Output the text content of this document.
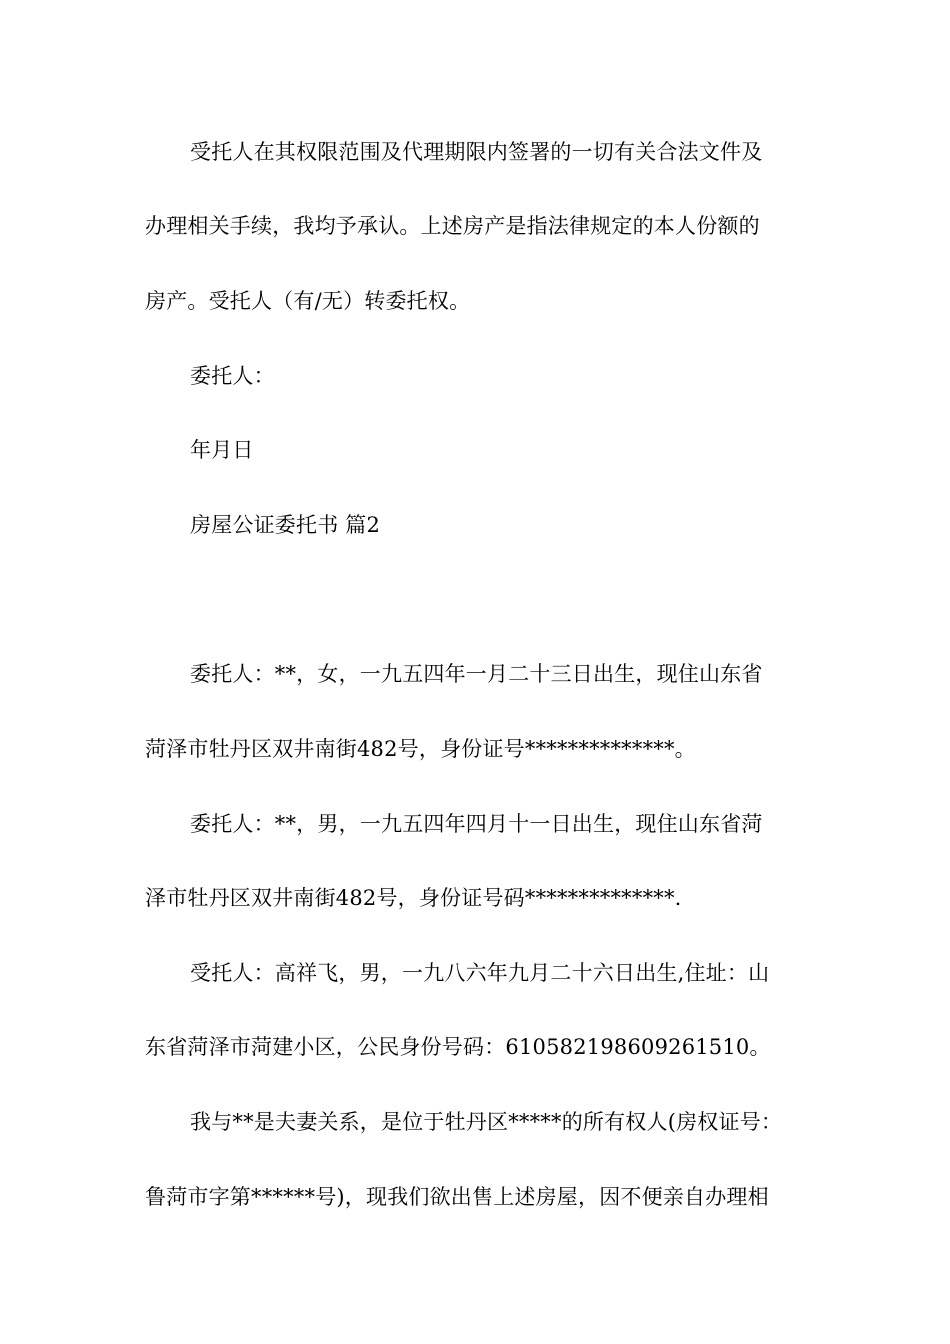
受托人在其权限范围及代理期限内签署的一切有关合法文件及
办理相关手续，我均予承认。上述房产是指法律规定的本人份额的
房产。受托人（有/无）转委托权。
委托人：
年月日
房屋公证委托书 篇2
委托人：**，女，一九五四年一月二十三日出生，现住山东省
菏泽市牡丹区双井南街482号，身份证号**************。
委托人：**，男，一九五四年四月十一日出生，现住山东省菏
泽市牡丹区双井南街482号，身份证号码**************.
受托人：高祥飞，男，一九八六年九月二十六日出生,住址：山
东省菏泽市菏建小区，公民身份号码：610582198609261510。
我与**是夫妻关系，是位于牡丹区*****的所有权人(房权证号：
鲁菏市字第******号)，现我们欲出售上述房屋，因不便亲自办理相
